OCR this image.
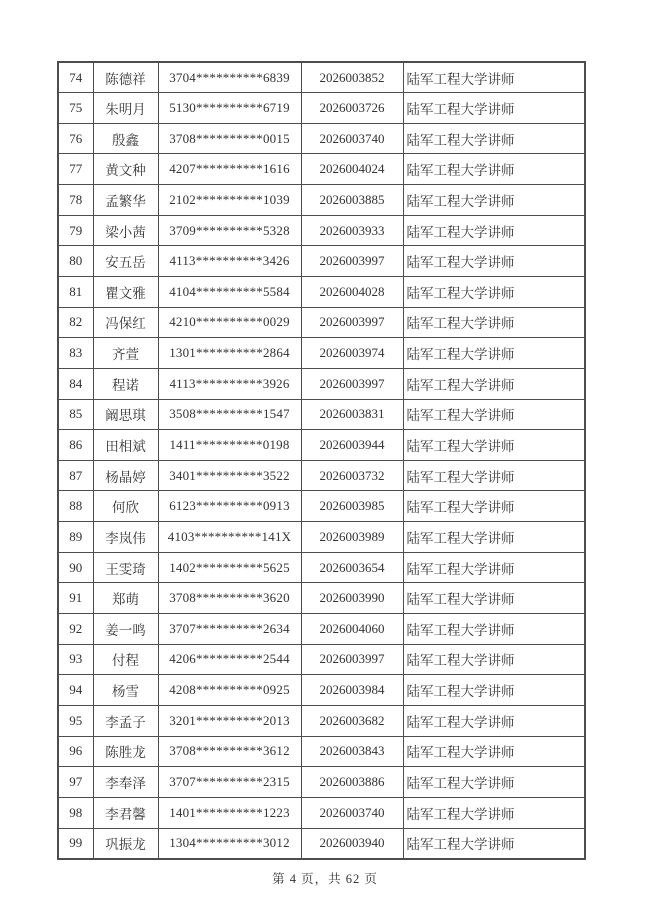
74	陈德祥	3704**********6839	2026003852	陆军工程大学讲师
75	朱明月	5130**********6719	2026003726	陆军工程大学讲师
76	殷鑫	3708**********0015	2026003740	陆军工程大学讲师
77	黄文种	4207**********1616	2026004024	陆军工程大学讲师
78	孟繁华	2102**********1039	2026003885	陆军工程大学讲师
79	梁小茜	3709**********5328	2026003933	陆军工程大学讲师
80	安五岳	4113**********3426	2026003997	陆军工程大学讲师
81	瞿文雅	4104**********5584	2026004028	陆军工程大学讲师
82	冯保红	4210**********0029	2026003997	陆军工程大学讲师
83	齐萱	1301**********2864	2026003974	陆军工程大学讲师
84	程诺	4113**********3926	2026003997	陆军工程大学讲师
85	阚思琪	3508**********1547	2026003831	陆军工程大学讲师
86	田相斌	1411**********0198	2026003944	陆军工程大学讲师
87	杨晶婷	3401**********3522	2026003732	陆军工程大学讲师
88	何欣	6123**********0913	2026003985	陆军工程大学讲师
89	李岚伟	4103**********141X	2026003989	陆军工程大学讲师
90	王雯琦	1402**********5625	2026003654	陆军工程大学讲师
91	郑萌	3708**********3620	2026003990	陆军工程大学讲师
92	姜一鸣	3707**********2634	2026004060	陆军工程大学讲师
93	付程	4206**********2544	2026003997	陆军工程大学讲师
94	杨雪	4208**********0925	2026003984	陆军工程大学讲师
95	李孟子	3201**********2013	2026003682	陆军工程大学讲师
96	陈胜龙	3708**********3612	2026003843	陆军工程大学讲师
97	李奉泽	3707**********2315	2026003886	陆军工程大学讲师
98	李君馨	1401**********1223	2026003740	陆军工程大学讲师
99	巩振龙	1304**********3012	2026003940	陆军工程大学讲师
第 4 页，共 62 页
